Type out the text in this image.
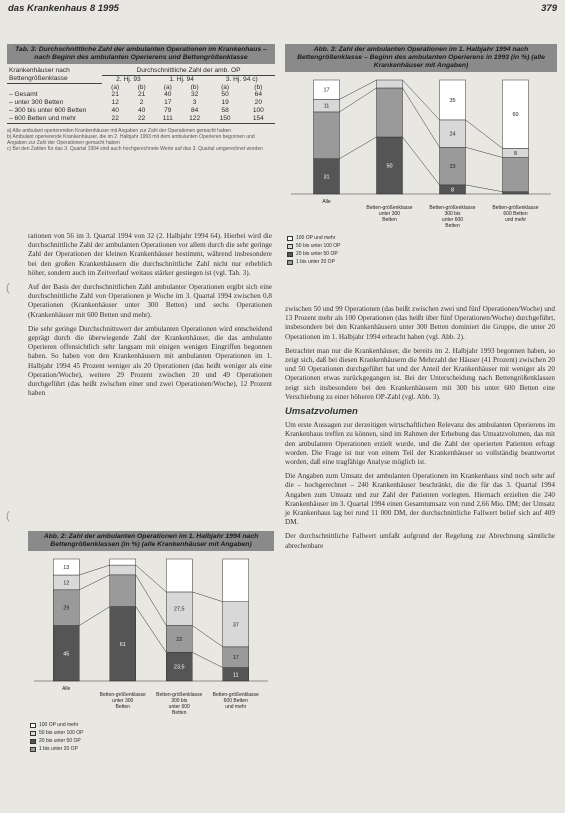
das Krankenhaus 8 1995	379
Tab. 3: Durchschnittliche Zahl der ambulanten Operationen im Krankenhaus – nach Beginn des ambulanten Operierens und Bettengrößenklasse
Krankenhäuser nach Bettengrößenklasse	Durchschnittliche Zahl der amb. OP					
	2. Hj. 93		1. Hj. 94		3. Hj. 94 c)	
	(a)	(b)	(a)	(b)	(a)	(b)
– Gesamt	21	21	40	32	50	64
– unter 300 Betten	12	2	17	3	19	20
– 300 bis unter 600 Betten	40	40	79	84	58	100
– 600 Betten und mehr	22	22	111	122	150	154
a) Alle ambulant operierenden Krankenhäuser mit Angaben zur Zahl der Operationen gemacht haben
b) Ambulant operierende Krankenhäuser, die im 2. Halbjahr 1993 mit dem ambulanten Operieren begonnen und Angaben zur Zahl der Operationen gemacht haben
c) Bei den Zahlen für das 3. Quartal 1994 sind auch hochgerechnete Werte auf das 3. Quartal umgerechnet worden

rationen von 56 im 3. Quartal 1994 von 32 (2. Halbjahr 1994 64). Hierbei wird die durchschnittliche Zahl der ambulanten Operationen vor allem durch die sehr geringe Zahl der Operationen der kleinen Krankenhäuser bestimmt, während insbesondere bei den großen Krankenhäusern die durchschnittliche Zahl nicht nur erheblich höher, sondern auch im Zeitverlauf weitaus stärker gestiegen ist (vgl. Tab. 3).

Auf der Basis der durchschnittlichen Zahl ambulanter Operationen ergibt sich eine durchschnittliche Zahl von Operationen je Woche im 3. Quartal 1994 zwischen 0,8 Operationen (Krankenhäuser unter 300 Betten) und sechs Operationen (Krankenhäuser mit 600 Betten und mehr).

Die sehr geringe Durchschnittswert der ambulanten Operationen wird entscheidend geprägt durch die überwiegende Zahl der Krankenhäuser, die das ambulante Operieren offensichtlich sehr langsam mit einigen wenigen Eingriffen begonnen haben. So haben von den Krankenhäusern mit ambulanten Operationen im 1. Halbjahr 1994 45 Prozent weniger als 20 Operationen (das heißt weniger als eine Operation/Woche), weitere 29 Prozent zwischen 20 und 49 Operationen durchgeführt (das heißt zwischen einer und zwei Operationen/Woche), 12 Prozent haben

(
(
Abb. 2: Zahl der ambulanten Operationen im 1. Halbjahr 1994 nach Bettengrößenklassen (in %) (alle Krankenhäuser mit Angaben)
45
29
12
13
Alle
61
Betten-größenklasse unter 300 Betten
23,5
22
27,5
Betten-größenklasse 300 bis unter 600 Betten
11
17
37
Betten-größenklasse 600 Betten und mehr
100 OP und mehr
50 bis unter 100 OP
20 bis unter 50 OP
1 bis unter 20 OP
Abb. 3: Zahl der ambulanten Operationen im 1. Halbjahr 1994 nach Bettengrößenklasse – Beginn des ambulanten Operierens in 1993 (in %) (alle Krankenhäuser mit Angaben)
31
11
17
Alle
50
Betten-größenklasse unter 300 Betten
8
33
24
35
Betten-größenklasse 300 bis unter 600 Betten
8
60
Betten-größenklasse 600 Betten und mehr
100 OP und mehr
50 bis unter 100 OP
20 bis unter 50 OP
1 bis unter 20 OP

zwischen 50 und 99 Operationen (das heißt zwischen zwei und fünf Operationen/Woche) und 13 Prozent mehr als 100 Operationen (das heißt über fünf Operationen/Woche) durchgeführt, insbesondere bei den Krankenhäusern unter 300 Betten dominiert die Gruppe, die unter 20 Operationen im 1. Halbjahr 1994 erbracht haben (vgl. Abb. 2).

Betrachtet man nur die Krankenhäuser, die bereits im 2. Halbjahr 1993 begonnen haben, so zeigt sich, daß bei diesen Krankenhäusern die Mehrzahl der Häuser (41 Prozent) zwischen 20 und 50 Operationen durchgeführt hat und der Anteil der Krankenhäuser mit weniger als 20 Operationen etwas zurückgegangen ist. Bei der Unterscheidung nach Bettengrößenklassen zeigt sich insbesondere bei den Krankenhäusern mit 300 bis unter 600 Betten eine Verschiebung zu einer höheren OP-Zahl (vgl. Abb. 3).

Umsatzvolumen

Um erste Aussagen zur derzeitigen wirtschaftlichen Relevanz des ambulanten Operierens im Krankenhaus treffen zu können, sind im Rahmen der Erhebung das Umsatzvolumen, das mit den ambulanten Operationen erzielt wurde, und die Zahl der operierten Patienten erfragt worden. Die Frage ist nur von einem Teil der Krankenhäuser so vollständig beantwortet worden, daß eine tragfähige Analyse möglich ist.

Die Angaben zum Umsatz der ambulanten Operationen im Krankenhaus sind noch sehr auf die – hochgerechnet – 240 Krankenhäuser beschränkt, die die für das 3. Quartal 1994 Angaben zum Umsatz und zur Zahl der Patienten vorlegten. Hiernach erzielten die 240 Krankenhäuser im 3. Quartal 1994 einen Gesamtumsatz von rund 2,66 Mio. DM; der Umsatz je Krankenhaus lag bei rund 11 000 DM, der durchschnittliche Fallwert belief sich auf 409 DM.

Der durchschnittliche Fallwert umfaßt aufgrund der Regelung zur Abrechnung sämtliche abrechenbare
